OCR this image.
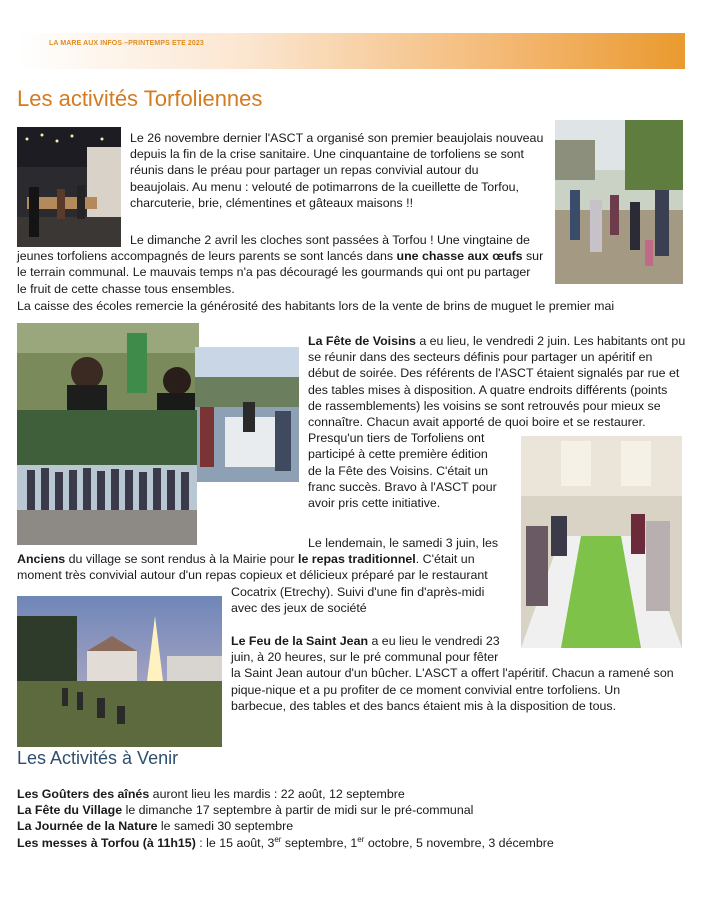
LA MARE AUX INFOS –PRINTEMPS ETE 2023
Les activités Torfoliennes

Le 26 novembre dernier l'ASCT a organisé son premier beaujolais nouveau

depuis la fin de la crise sanitaire. Une cinquantaine de torfoliens se sont

réunis dans le préau pour partager un repas convivial autour du

beaujolais. Au menu : velouté de potimarrons de la cueillette de Torfou,

charcuterie, brie, clémentines et gâteaux maisons !!

Le dimanche 2 avril les cloches sont passées à Torfou ! Une vingtaine de

jeunes torfoliens accompagnés de leurs parents se sont lancés dans une chasse aux œufs sur

le terrain communal. Le mauvais temps n'a pas découragé les gourmands qui ont pu partager

le fruit de cette chasse tous ensembles.

La caisse des écoles remercie la générosité des habitants lors de la vente de brins de muguet le premier mai

La Fête de Voisins a eu lieu, le vendredi 2 juin. Les habitants ont pu

se réunir dans des secteurs définis pour partager un apéritif en

début de soirée. Des référents de l'ASCT étaient signalés par rue et

des tables mises à disposition. A quatre endroits différents (points

de rassemblements) les voisins se sont retrouvés pour mieux se

connaître. Chacun avait apporté de quoi boire et se restaurer.

Presqu'un tiers de Torfoliens ont

participé à cette première édition

de la Fête des Voisins. C'était un

franc succès. Bravo à l'ASCT pour

avoir pris cette initiative.

Le lendemain, le samedi 3 juin, les

Anciens du village se sont rendus à la Mairie pour le repas traditionnel. C'était un

moment très convivial autour d'un repas copieux et délicieux préparé par le restaurant

Cocatrix (Etrechy). Suivi d'une fin d'après-midi

avec des jeux de société

Le Feu de la Saint Jean a eu lieu le vendredi 23

juin, à 20 heures, sur le pré communal pour fêter

la Saint Jean autour d'un bûcher. L'ASCT a offert l'apéritif. Chacun a ramené son

pique-nique et a pu profiter de ce moment convivial entre torfoliens. Un

barbecue, des tables et des bancs étaient mis à la disposition de tous.

Les Activités à Venir

Les Goûters des aînés auront lieu les mardis : 22 août, 12 septembre

La Fête du Village le dimanche 17 septembre à partir de midi sur le pré-communal

La Journée de la Nature le samedi 30 septembre

Les messes à Torfou (à 11h15) : le 15 août, 3er septembre, 1er octobre, 5 novembre, 3 décembre
